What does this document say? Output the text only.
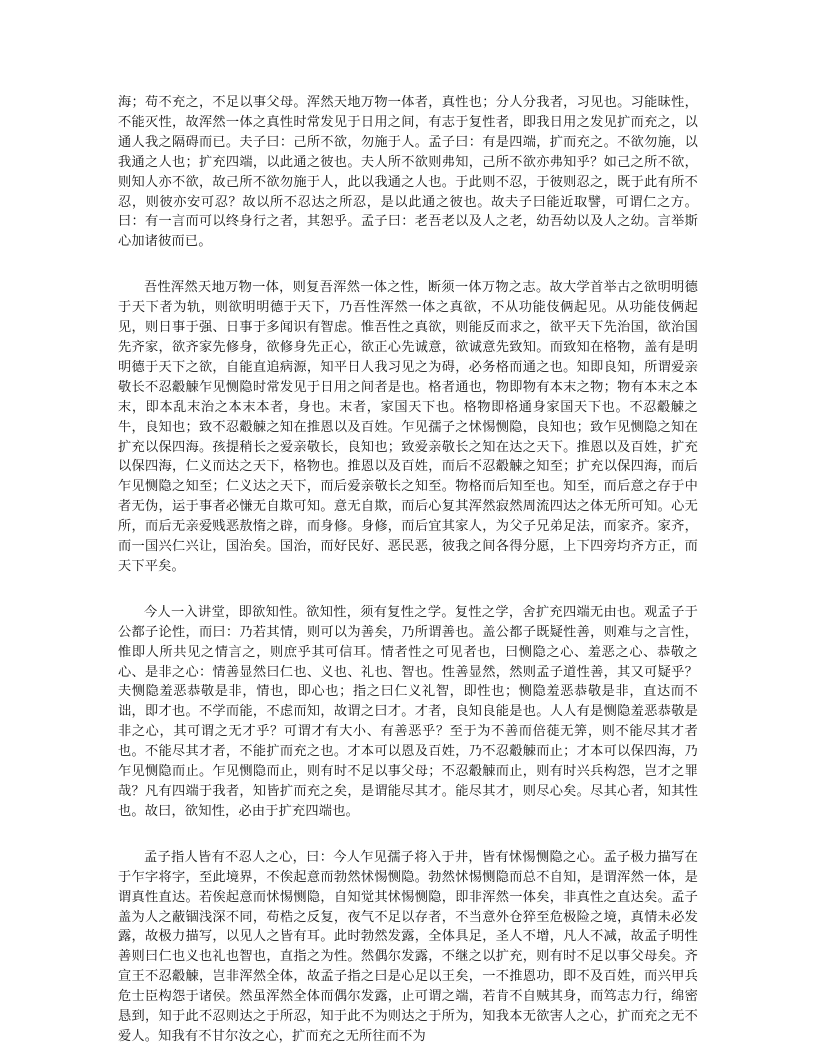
海；苟不充之，不足以事父母。浑然天地万物一体者，真性也；分人分我者，习见也。习能昧性，不能灭性，故浑然一体之真性时常发见于日用之间，有志于复性者，即我日用之发见扩而充之，以通人我之隔碍而已。夫子曰：己所不欲，勿施于人。孟子曰：有是四端，扩而充之。不欲勿施，以我通之人也；扩充四端，以此通之彼也。夫人所不欲则弗知，己所不欲亦弗知乎？如己之所不欲，则知人亦不欲，故己所不欲勿施于人，此以我通之人也。于此则不忍，于彼则忍之，既于此有所不忍，则彼亦安可忍？故以所不忍达之所忍，是以此通之彼也。故夫子曰能近取譬，可谓仁之方。曰：有一言而可以终身行之者，其恕乎。孟子曰：老吾老以及人之老，幼吾幼以及人之幼。言举斯心加诸彼而已。

吾性浑然天地万物一体，则复吾浑然一体之性，断须一体万物之志。故大学首举古之欲明明德于天下者为轨，则欲明明德于天下，乃吾性浑然一体之真欲，不从功能伎俩起见。从功能伎俩起见，则日事于强、日事于多闻识有智虑。惟吾性之真欲，则能反而求之，欲平天下先治国，欲治国先齐家，欲齐家先修身，欲修身先正心，欲正心先诚意，欲诚意先致知。而致知在格物，盖有是明明德于天下之欲，自能直追病源，知平日人我习见之为碍，必务格而通之也。知即良知，所谓爱亲敬长不忍觳觫乍见恻隐时常发见于日用之间者是也。格者通也，物即物有本末之物；物有本末之本末，即本乱末治之本末本者，身也。末者，家国天下也。格物即格通身家国天下也。不忍觳觫之牛，良知也；致不忍觳觫之知在推恩以及百姓。乍见孺子之怵惕恻隐，良知也；致乍见恻隐之知在扩充以保四海。孩提稍长之爱亲敬长，良知也；致爱亲敬长之知在达之天下。推恩以及百姓，扩充以保四海，仁义而达之天下，格物也。推恩以及百姓，而后不忍觳觫之知至；扩充以保四海，而后乍见恻隐之知至；仁义达之天下，而后爱亲敬长之知至。物格而后知至也。知至，而后意之存于中者无伪，运于事者必慊无自欺可知。意无自欺，而后心复其浑然寂然周流四达之体无所可知。心无所，而后无亲爱贱恶敖惰之辟，而身修。身修，而后宜其家人，为父子兄弟足法，而家齐。家齐，而一国兴仁兴让，国治矣。国治，而好民好、恶民恶，彼我之间各得分愿，上下四旁均齐方正，而天下平矣。

今人一入讲堂，即欲知性。欲知性，须有复性之学。复性之学，舍扩充四端无由也。观孟子于公都子论性，而曰：乃若其情，则可以为善矣，乃所谓善也。盖公都子既疑性善，则难与之言性，惟即人所共见之情言之，则庶乎其可信耳。情者性之可见者也，曰恻隐之心、羞恶之心、恭敬之心、是非之心：情善显然曰仁也、义也、礼也、智也。性善显然，然则孟子道性善，其又可疑乎？夫恻隐羞恶恭敬是非，情也，即心也；指之曰仁义礼智，即性也；恻隐羞恶恭敬是非，直达而不诎，即才也。不学而能，不虑而知，故谓之曰才。才者，良知良能是也。人人有是恻隐羞恶恭敬是非之心，其可谓之无才乎？可谓才有大小、有善恶乎？至于为不善而倍蓰无筭，则不能尽其才者也。不能尽其才者，不能扩而充之也。才本可以恩及百姓，乃不忍觳觫而止；才本可以保四海，乃乍见恻隐而止。乍见恻隐而止，则有时不足以事父母；不忍觳觫而止，则有时兴兵构怨，岂才之罪哉？凡有四端于我者，知皆扩而充之矣，是谓能尽其才。能尽其才，则尽心矣。尽其心者，知其性也。故曰，欲知性，必由于扩充四端也。

孟子指人皆有不忍人之心，曰：今人乍见孺子将入于井，皆有怵惕恻隐之心。孟子极力描写在于乍字将字，至此境界，不俟起意而勃然怵惕恻隐。勃然怵惕恻隐而总不自知，是谓浑然一体，是谓真性直达。若俟起意而怵惕恻隐，自知觉其怵惕恻隐，即非浑然一体矣，非真性之直达矣。孟子盖为人之蔽锢浅深不同，苟梏之反复，夜气不足以存者，不当意外仓猝至危极险之境，真情未必发露，故极力描写，以见人之皆有耳。此时勃然发露，全体具足，圣人不增，凡人不减，故孟子明性善则曰仁也义也礼也智也，直指之为性。然偶尔发露，不继之以扩充，则有时不足以事父母矣。齐宣王不忍觳觫，岂非浑然全体，故孟子指之曰是心足以王矣，一不推恩功，即不及百姓，而兴甲兵危士臣构怨于诸侯。然虽浑然全体而偶尔发露，止可谓之端，若肯不自贼其身，而笃志力行，绵密恳到，知于此不忍则达之于所忍，知于此不为则达之于所为，知我本无欲害人之心，扩而充之无不爱人。知我有不甘尔汝之心，扩而充之无所往而不为
